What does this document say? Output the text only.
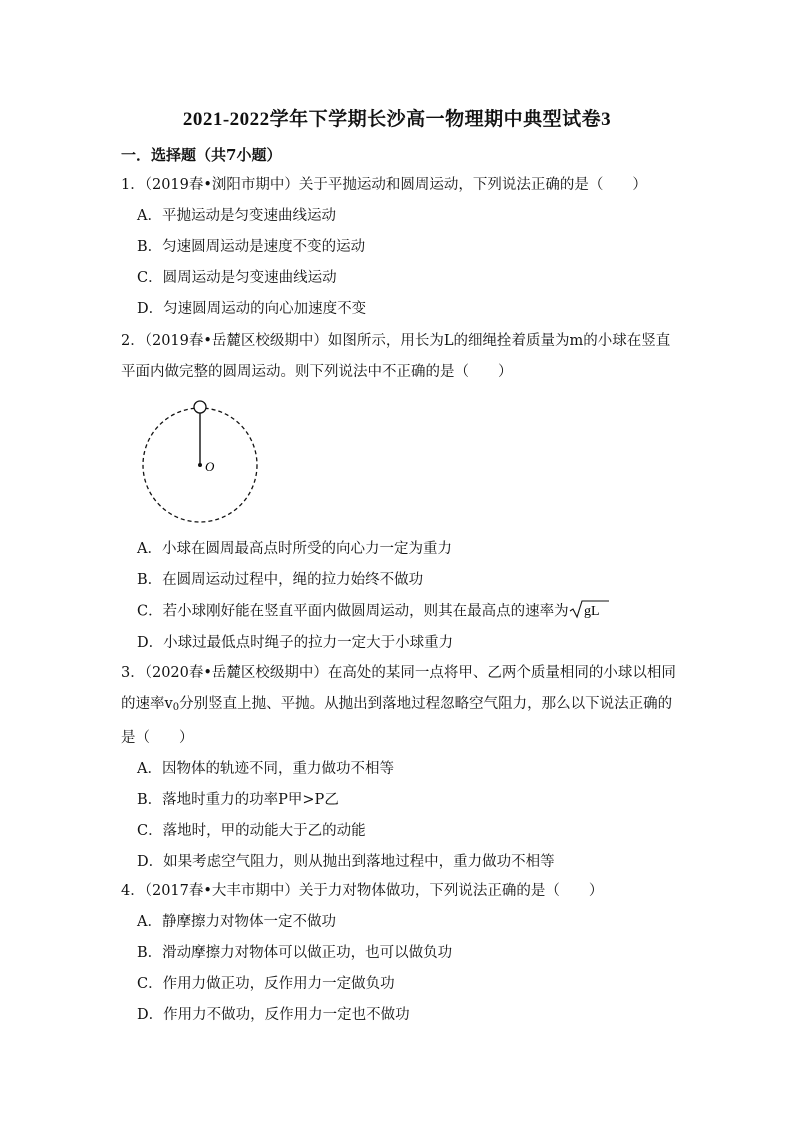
2021-2022学年下学期长沙高一物理期中典型试卷3
一．选择题（共7小题）
1．（2019春•浏阳市期中）关于平抛运动和圆周运动，下列说法正确的是（　　）
A．平抛运动是匀变速曲线运动
B．匀速圆周运动是速度不变的运动
C．圆周运动是匀变速曲线运动
D．匀速圆周运动的向心加速度不变
2．（2019春•岳麓区校级期中）如图所示，用长为L的细绳拴着质量为m的小球在竖直平面内做完整的圆周运动。则下列说法中不正确的是（　　）
O
A．小球在圆周最高点时所受的向心力一定为重力
B．在圆周运动过程中，绳的拉力始终不做功
C．若小球刚好能在竖直平面内做圆周运动，则其在最高点的速率为 gL
D．小球过最低点时绳子的拉力一定大于小球重力
3．（2020春•岳麓区校级期中）在高处的某同一点将甲、乙两个质量相同的小球以相同的速率$v_0$分别竖直上抛、平抛。从抛出到落地过程忽略空气阻力，那么以下说法正确的是（　　）
A．因物体的轨迹不同，重力做功不相等
B．落地时重力的功率P甲>P乙
C．落地时，甲的动能大于乙的动能
D．如果考虑空气阻力，则从抛出到落地过程中，重力做功不相等
4．（2017春•大丰市期中）关于力对物体做功，下列说法正确的是（　　）
A．静摩擦力对物体一定不做功
B．滑动摩擦力对物体可以做正功，也可以做负功
C．作用力做正功，反作用力一定做负功
D．作用力不做功，反作用力一定也不做功
